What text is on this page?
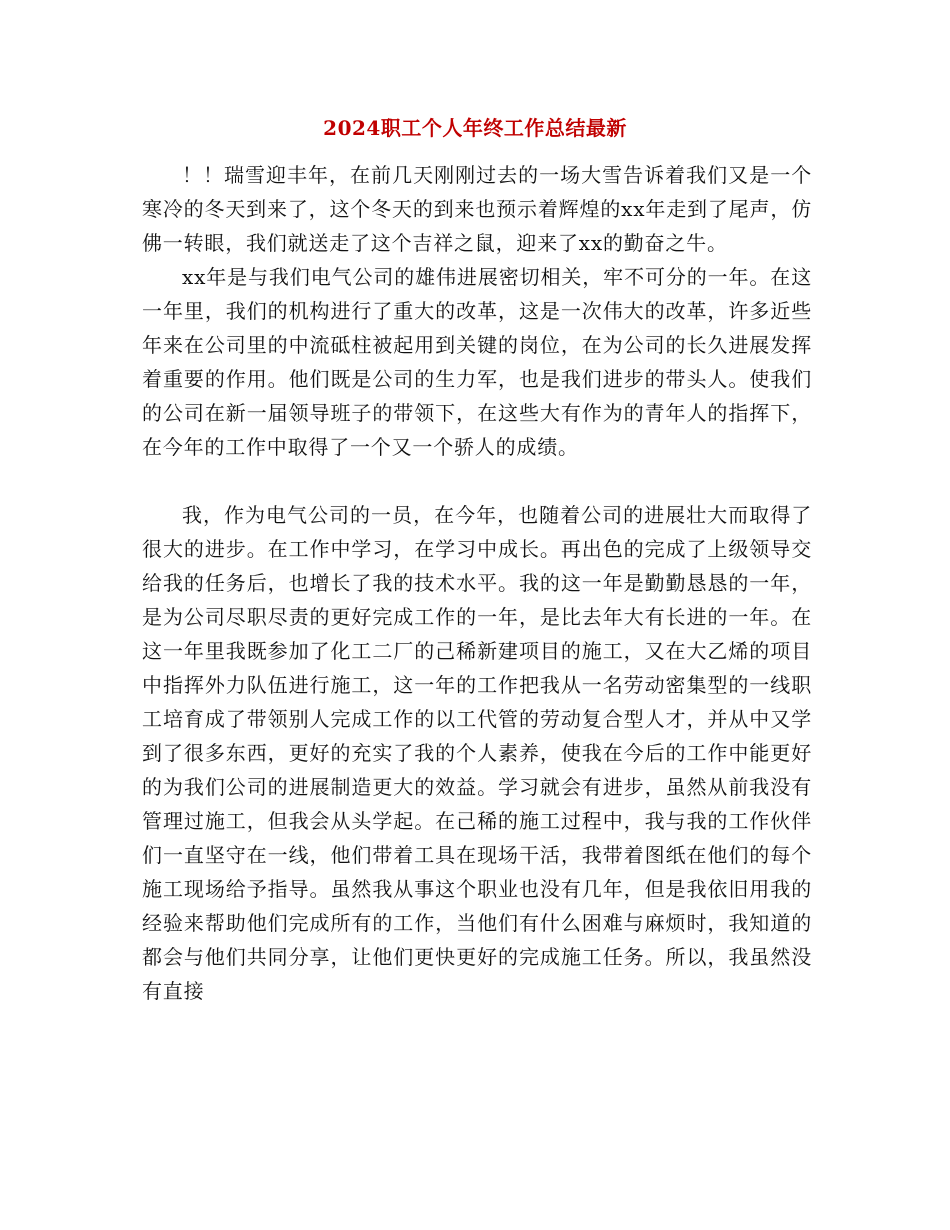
2024职工个人年终工作总结最新

！！瑞雪迎丰年，在前几天刚刚过去的一场大雪告诉着我们又是一个寒冷的冬天到来了，这个冬天的到来也预示着辉煌的xx年走到了尾声，仿佛一转眼，我们就送走了这个吉祥之鼠，迎来了xx的勤奋之牛。

xx年是与我们电气公司的雄伟进展密切相关，牢不可分的一年。在这一年里，我们的机构进行了重大的改革，这是一次伟大的改革，许多近些年来在公司里的中流砥柱被起用到关键的岗位，在为公司的长久进展发挥着重要的作用。他们既是公司的生力军，也是我们进步的带头人。使我们的公司在新一届领导班子的带领下，在这些大有作为的青年人的指挥下，在今年的工作中取得了一个又一个骄人的成绩。

我，作为电气公司的一员，在今年，也随着公司的进展壮大而取得了很大的进步。在工作中学习，在学习中成长。再出色的完成了上级领导交给我的任务后，也增长了我的技术水平。我的这一年是勤勤恳恳的一年，是为公司尽职尽责的更好完成工作的一年，是比去年大有长进的一年。在这一年里我既参加了化工二厂的己稀新建项目的施工，又在大乙烯的项目中指挥外力队伍进行施工，这一年的工作把我从一名劳动密集型的一线职工培育成了带领别人完成工作的以工代管的劳动复合型人才，并从中又学到了很多东西，更好的充实了我的个人素养，使我在今后的工作中能更好的为我们公司的进展制造更大的效益。学习就会有进步，虽然从前我没有管理过施工，但我会从头学起。在己稀的施工过程中，我与我的工作伙伴们一直坚守在一线，他们带着工具在现场干活，我带着图纸在他们的每个施工现场给予指导。虽然我从事这个职业也没有几年，但是我依旧用我的经验来帮助他们完成所有的工作，当他们有什么困难与麻烦时，我知道的都会与他们共同分享，让他们更快更好的完成施工任务。所以，我虽然没有直接
